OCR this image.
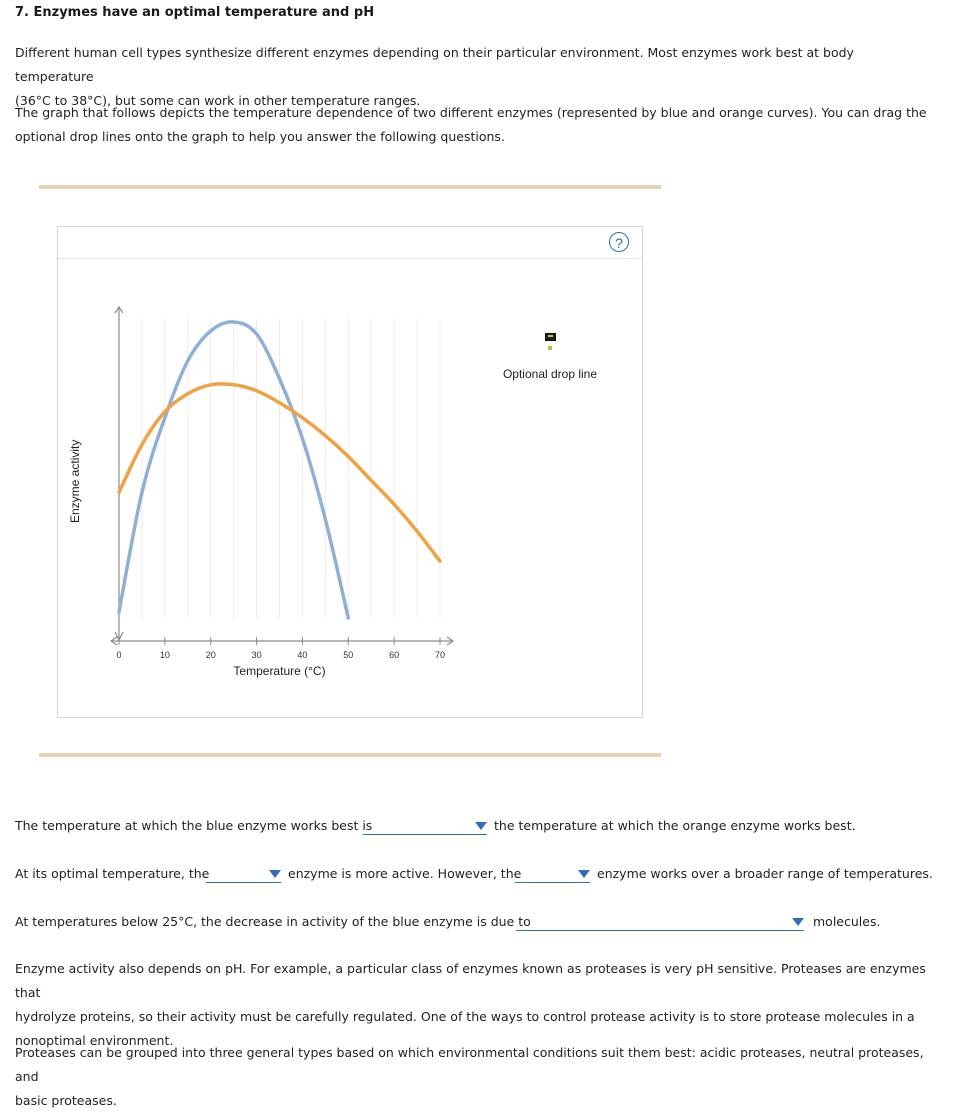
7. Enzymes have an optimal temperature and pH
Different human cell types synthesize different enzymes depending on their particular environment. Most enzymes work best at body temperature
(36°C to 38°C), but some can work in other temperature ranges.
The graph that follows depicts the temperature dependence of two different enzymes (represented by blue and orange curves). You can drag the
optional drop lines onto the graph to help you answer the following questions.
?
0	10	20	30	40	50	60	70
Temperature (°C)
Enzyme activity
Optional drop line
The temperature at which the blue enzyme works best is	the temperature at which the orange enzyme works best.
At its optimal temperature, the	enzyme is more active. However, the	enzyme works over a broader range of temperatures.
At temperatures below 25°C, the decrease in activity of the blue enzyme is due to	molecules.
Enzyme activity also depends on pH. For example, a particular class of enzymes known as proteases is very pH sensitive. Proteases are enzymes that
hydrolyze proteins, so their activity must be carefully regulated. One of the ways to control protease activity is to store protease molecules in a
nonoptimal environment.
Proteases can be grouped into three general types based on which environmental conditions suit them best: acidic proteases, neutral proteases, and
basic proteases.
